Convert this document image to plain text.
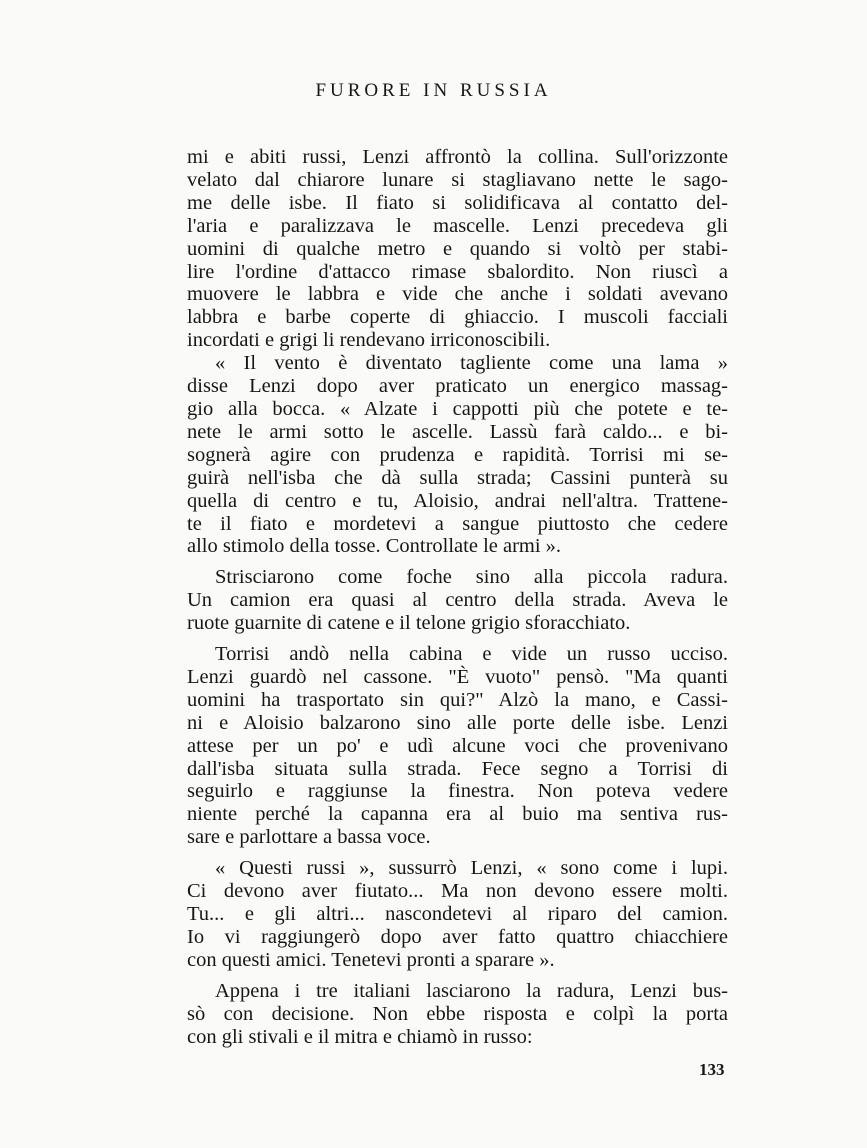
FURORE IN RUSSIA
mi e abiti russi, Lenzi affrontò la collina. Sull'orizzonte
velato dal chiarore lunare si stagliavano nette le sago-
me delle isbe. Il fiato si solidificava al contatto del-
l'aria e paralizzava le mascelle. Lenzi precedeva gli
uomini di qualche metro e quando si voltò per stabi-
lire l'ordine d'attacco rimase sbalordito. Non riuscì a
muovere le labbra e vide che anche i soldati avevano
labbra e barbe coperte di ghiaccio. I muscoli facciali
incordati e grigi li rendevano irriconoscibili.
« Il vento è diventato tagliente come una lama »
disse Lenzi dopo aver praticato un energico massag-
gio alla bocca. « Alzate i cappotti più che potete e te-
nete le armi sotto le ascelle. Lassù farà caldo... e bi-
sognerà agire con prudenza e rapidità. Torrisi mi se-
guirà nell'isba che dà sulla strada; Cassini punterà su
quella di centro e tu, Aloisio, andrai nell'altra. Trattene-
te il fiato e mordetevi a sangue piuttosto che cedere
allo stimolo della tosse. Controllate le armi ».
Strisciarono come foche sino alla piccola radura.
Un camion era quasi al centro della strada. Aveva le
ruote guarnite di catene e il telone grigio sforacchiato.
Torrisi andò nella cabina e vide un russo ucciso.
Lenzi guardò nel cassone. "È vuoto" pensò. "Ma quanti
uomini ha trasportato sin qui?" Alzò la mano, e Cassi-
ni e Aloisio balzarono sino alle porte delle isbe. Lenzi
attese per un po' e udì alcune voci che provenivano
dall'isba situata sulla strada. Fece segno a Torrisi di
seguirlo e raggiunse la finestra. Non poteva vedere
niente perché la capanna era al buio ma sentiva rus-
sare e parlottare a bassa voce.
« Questi russi », sussurrò Lenzi, « sono come i lupi.
Ci devono aver fiutato... Ma non devono essere molti.
Tu... e gli altri... nascondetevi al riparo del camion.
Io vi raggiungerò dopo aver fatto quattro chiacchiere
con questi amici. Tenetevi pronti a sparare ».
Appena i tre italiani lasciarono la radura, Lenzi bus-
sò con decisione. Non ebbe risposta e colpì la porta
con gli stivali e il mitra e chiamò in russo:
133
